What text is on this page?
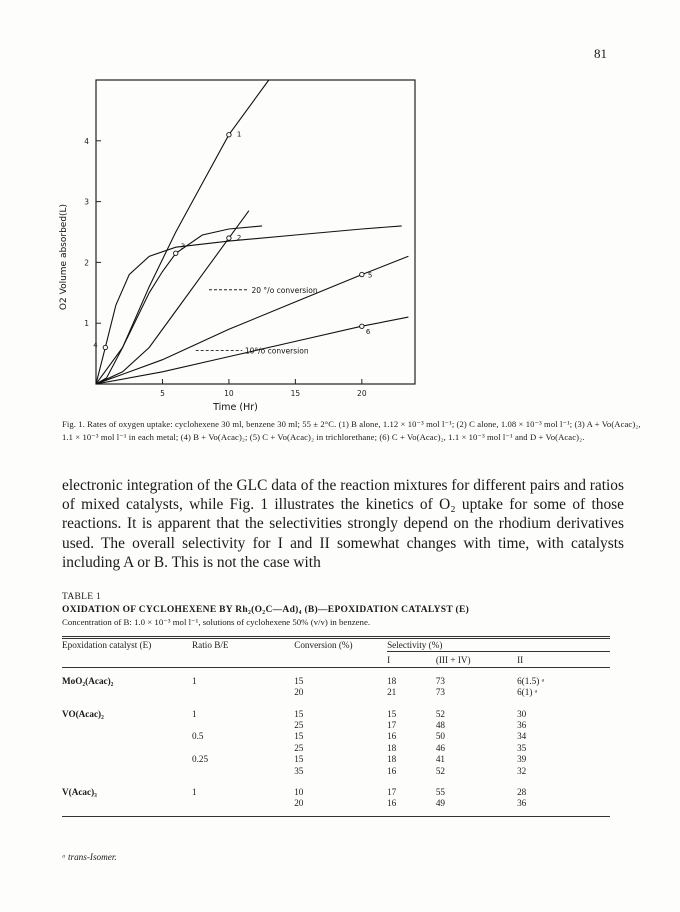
81
5	10	15	20
1
2
3
4
Time (Hr)
O2 Volume absorbed(L)
1
2
3
4
5
6
20 °/o conversion
10°/o conversion
Fig. 1. Rates of oxygen uptake: cyclohexene 30 ml, benzene 30 ml; 55 ± 2°C. (1) B alone, 1.12 × 10⁻³ mol l⁻¹; (2) C alone, 1.08 × 10⁻³ mol l⁻¹; (3) A + Vo(Acac)₂, 1.1 × 10⁻³ mol l⁻¹ in each metal; (4) B + Vo(Acac)₂; (5) C + Vo(Acac)₂ in trichlorethane; (6) C + Vo(Acac)₂, 1.1 × 10⁻³ mol l⁻¹ and D + Vo(Acac)₂.
electronic integration of the GLC data of the reaction mixtures for different pairs and ratios of mixed catalysts, while Fig. 1 illustrates the kinetics of O₂ uptake for some of those reactions. It is apparent that the selectivities strongly depend on the rhodium derivatives used. The overall selectivity for I and II somewhat changes with time, with catalysts including A or B. This is not the case with
TABLE 1
OXIDATION OF CYCLOHEXENE BY Rh₂(O₂C—Ad)₄ (B)—EPOXIDATION CATALYST (E)
Concentration of B: 1.0 × 10⁻³ mol l⁻¹, solutions of cyclohexene 50% (v/v) in benzene.
Epoxidation catalyst (E)	Ratio B/E	Conversion (%)	Selectivity (%)		
			I	(III + IV)	II

MoO₂(Acac)₂	1	15	18	73	6(1.5) ᵃ
		20	21	73	6(1) ᵃ
VO(Acac)₂	1	15	15	52	30
		25	17	48	36
	0.5	15	16	50	34
		25	18	46	35
	0.25	15	18	41	39
		35	16	52	32
V(Acac)₃	1	10	17	55	28
		20	16	49	36

ᵃ trans-Isomer.
